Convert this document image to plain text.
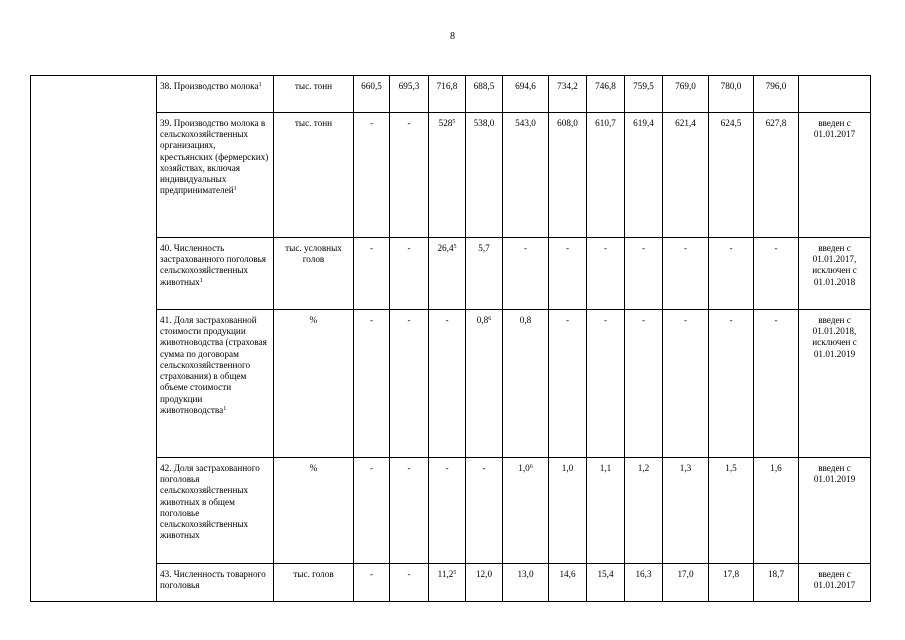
8
	38. Производство молока$^1$	тыс. тонн	660,5	695,3	716,8	688,5	694,6	734,2	746,8	759,5	769,0	780,0	796,0	
	39. Производство молока в сельскохозяйственных организациях, крестьянских (фермерских) хозяйствах, включая индивидуальных предпринимателей$^1$	тыс. тонн	-	-	$528^5$	538,0	543,0	608,0	610,7	619,4	621,4	624,5	627,8	введен с 01.01.2017
	40. Численность застрахованного поголовья сельскохозяйственных животных$^1$	тыс. условных голов	-	-	26,4$^5$	5,7	-	-	-	-	-	-	-	введен с 01.01.2017, исключен с 01.01.2018
	41. Доля застрахованной стоимости продукции животноводства (страховая сумма по договорам сельскохозяйственного страхования) в общем объеме стоимости продукции животноводства$^1$	%	-	-	-	$0,8^6$	0,8	-	-	-	-	-	-	введен с 01.01.2018, исключен с 01.01.2019
	42. Доля застрахованного поголовья сельскохозяйственных животных в общем поголовье сельскохозяйственных животных	%	-	-	-	-	$1,0^6$	1,0	1,1	1,2	1,3	1,5	1,6	введен с 01.01.2019
	43. Численность товарного поголовья	тыс. голов	-	-	11,2$^5$	12,0	13,0	14,6	15,4	16,3	17,0	17,8	18,7	введен с 01.01.2017
